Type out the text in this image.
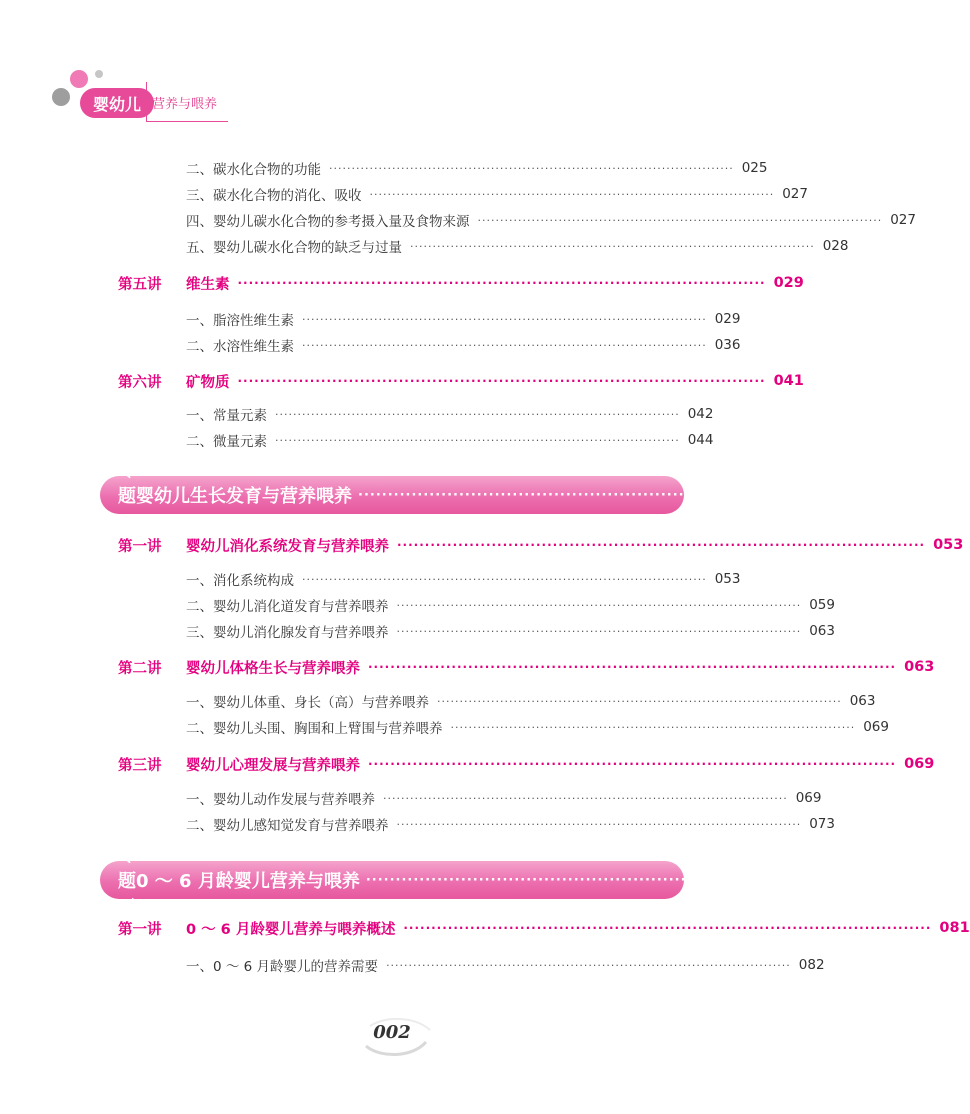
婴幼儿 营养与喂养
二、碳水化合物的功能 ·························································································· 025
三、碳水化合物的消化、吸收 ·························································································· 027
四、婴幼儿碳水化合物的参考摄入量及食物来源 ·························································································· 027
五、婴幼儿碳水化合物的缺乏与过量 ·························································································· 028
第五讲 维生素 ······························································································· 029
一、脂溶性维生素 ·························································································· 029
二、水溶性维生素 ·························································································· 036
第六讲 矿物质 ······························································································· 041
一、常量元素 ·························································································· 042
二、微量元素 ·························································································· 044
专题二
婴幼儿生长发育与营养喂养 ·························································· 052
第一讲 婴幼儿消化系统发育与营养喂养 ······························································································· 053
一、消化系统构成 ·························································································· 053
二、婴幼儿消化道发育与营养喂养 ·························································································· 059
三、婴幼儿消化腺发育与营养喂养 ·························································································· 063
第二讲 婴幼儿体格生长与营养喂养 ······························································································· 063
一、婴幼儿体重、身长（高）与营养喂养 ·························································································· 063
二、婴幼儿头围、胸围和上臂围与营养喂养 ·························································································· 069
第三讲 婴幼儿心理发展与营养喂养 ······························································································· 069
一、婴幼儿动作发展与营养喂养 ·························································································· 069
二、婴幼儿感知觉发育与营养喂养 ·························································································· 073
专题三
0 ～ 6 月龄婴儿营养与喂养 ·························································· 080
第一讲 0 ～ 6 月龄婴儿营养与喂养概述 ······························································································· 081
一、0 ～ 6 月龄婴儿的营养需要 ·························································································· 082
002
